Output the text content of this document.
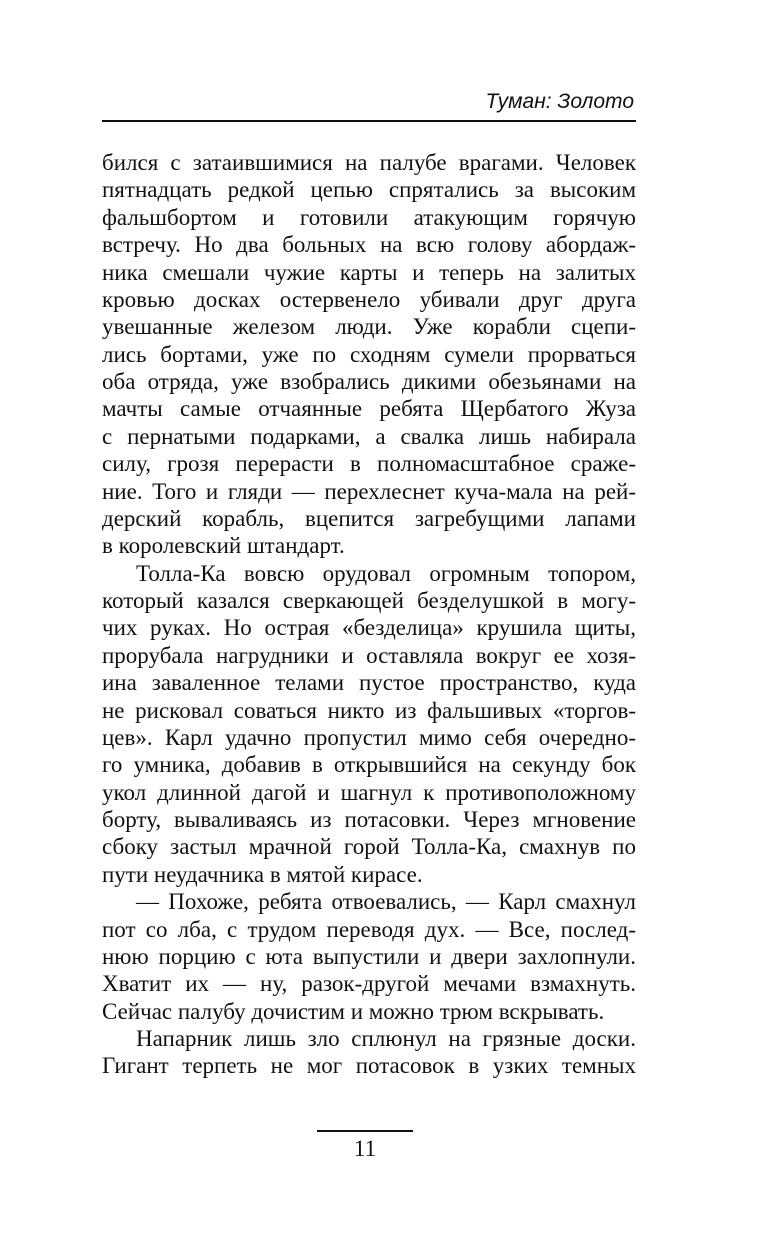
Туман: Золото
бился с затаившимися на палубе врагами. Человек
пятнадцать редкой цепью спрятались за высоким
фальшбортом и готовили атакующим горячую
встречу. Но два больных на всю голову абордаж-
ника смешали чужие карты и теперь на залитых
кровью досках остервенело убивали друг друга
увешанные железом люди. Уже корабли сцепи-
лись бортами, уже по сходням сумели прорваться
оба отряда, уже взобрались дикими обезьянами на
мачты самые отчаянные ребята Щербатого Жуза
с пернатыми подарками, а свалка лишь набирала
силу, грозя перерасти в полномасштабное сраже-
ние. Того и гляди — перехлеснет куча-мала на рей-
дерский корабль, вцепится загребущими лапами
в королевский штандарт.
Толла-Ка вовсю орудовал огромным топором,
который казался сверкающей безделушкой в могу-
чих руках. Но острая «безделица» крушила щиты,
прорубала нагрудники и оставляла вокруг ее хозя-
ина заваленное телами пустое пространство, куда
не рисковал соваться никто из фальшивых «торгов-
цев». Карл удачно пропустил мимо себя очередно-
го умника, добавив в открывшийся на секунду бок
укол длинной дагой и шагнул к противоположному
борту, вываливаясь из потасовки. Через мгновение
сбоку застыл мрачной горой Толла-Ка, смахнув по
пути неудачника в мятой кирасе.
— Похоже, ребята отвоевались, — Карл смахнул
пот со лба, с трудом переводя дух. — Все, послед-
нюю порцию с юта выпустили и двери захлопнули.
Хватит их — ну, разок-другой мечами взмахнуть.
Сейчас палубу дочистим и можно трюм вскрывать.
Напарник лишь зло сплюнул на грязные доски.
Гигант терпеть не мог потасовок в узких темных
11
